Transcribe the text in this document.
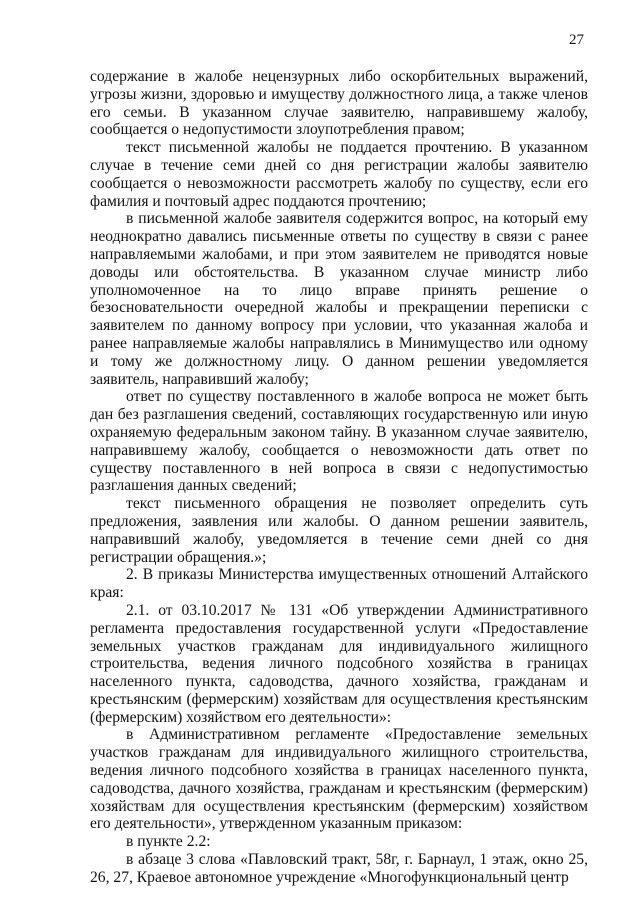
27

содержание в жалобе нецензурных либо оскорбительных выражений, угрозы жизни, здоровью и имуществу должностного лица, а также членов его семьи. В указанном случае заявителю, направившему жалобу, сообщается о недопустимости злоупотребления правом;

текст письменной жалобы не поддается прочтению. В указанном случае в течение семи дней со дня регистрации жалобы заявителю сообщается о невозможности рассмотреть жалобу по существу, если его фамилия и почтовый адрес поддаются прочтению;

в письменной жалобе заявителя содержится вопрос, на который ему неоднократно давались письменные ответы по существу в связи с ранее направляемыми жалобами, и при этом заявителем не приводятся новые доводы или обстоятельства. В указанном случае министр либо уполномоченное на то лицо вправе принять решение о безосновательности очередной жалобы и прекращении переписки с заявителем по данному вопросу при условии, что указанная жалоба и ранее направляемые жалобы направлялись в Минимущество или одному и тому же должностному лицу. О данном решении уведомляется заявитель, направивший жалобу;

ответ по существу поставленного в жалобе вопроса не может быть дан без разглашения сведений, составляющих государственную или иную охраняемую федеральным законом тайну. В указанном случае заявителю, направившему жалобу, сообщается о невозможности дать ответ по существу поставленного в ней вопроса в связи с недопустимостью разглашения данных сведений;

текст письменного обращения не позволяет определить суть предложения, заявления или жалобы. О данном решении заявитель, направивший жалобу, уведомляется в течение семи дней со дня регистрации обращения.»;

2. В приказы Министерства имущественных отношений Алтайского края:

2.1. от 03.10.2017 № 131 «Об утверждении Административного регламента предоставления государственной услуги «Предоставление земельных участков гражданам для индивидуального жилищного строительства, ведения личного подсобного хозяйства в границах населенного пункта, садоводства, дачного хозяйства, гражданам и крестьянским (фермерским) хозяйствам для осуществления крестьянским (фермерским) хозяйством его деятельности»:

в Административном регламенте «Предоставление земельных участков гражданам для индивидуального жилищного строительства, ведения личного подсобного хозяйства в границах населенного пункта, садоводства, дачного хозяйства, гражданам и крестьянским (фермерским) хозяйствам для осуществления крестьянским (фермерским) хозяйством его деятельности», утвержденном указанным приказом:

в пункте 2.2:

в абзаце 3 слова «Павловский тракт, 58г, г. Барнаул, 1 этаж, окно 25, 26, 27, Краевое автономное учреждение «Многофункциональный центр
